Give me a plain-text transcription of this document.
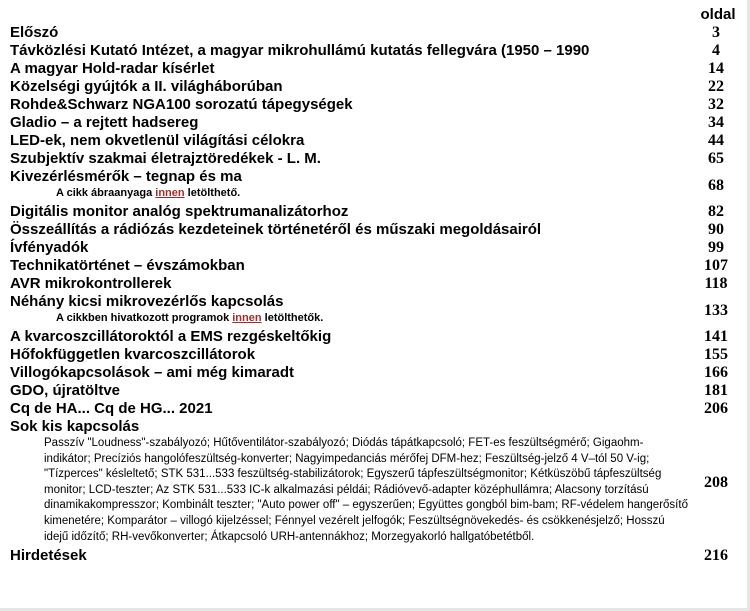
oldal
Előszó	3
Távközlési Kutató Intézet, a magyar mikrohullámú kutatás fellegvára (1950 – 1990	4
A magyar Hold-radar kísérlet	14
Közelségi gyújtók a II. világháborúban	22
Rohde&Schwarz NGA100 sorozatú tápegységek	32
Gladio – a rejtett hadsereg	34
LED-ek, nem okvetlenül világítási célokra	44
Szubjektív szakmai életrajztöredékek - L. M.	65
Kivezérlésmérők – tegnap és ma
A cikk ábraanyaga innen letölthető.	68
Digitális monitor analóg spektrumanalizátorhoz	82
Összeállítás a rádiózás kezdeteinek történetéről és műszaki megoldásairól	90
Ívfényadók	99
Technikatörténet – évszámokban	107
AVR mikrokontrollerek	118
Néhány kicsi mikrovezérlős kapcsolás
A cikkben hivatkozott programok innen letölthetők.	133
A kvarcoszcillátoroktól a EMS rezgéskeltőkig	141
Hőfokfüggetlen kvarcoszcillátorok	155
Villogókapcsolások – ami még kimaradt	166
GDO, újratöltve	181
Cq de HA... Cq de HG... 2021	206
Sok kis kapcsolás
Passzív "Loudness"-szabályozó; Hűtőventilátor-szabályozó; Diódás tápátkapcsoló; FET-es feszültségmérő; Gigaohm-indikátor; Precíziós hangolófeszültség-konverter; Nagyimpedanciás mérőfej DFM-hez; Feszültség-jelző 4 V–tól 50 V-ig; "Tízperces" késleltető; STK 531...533 feszültség-stabilizátorok; Egyszerű tápfeszültségmonitor; Kétküszöbű tápfeszültség monitor; LCD-teszter; Az STK 531...533 IC-k alkalmazási példái; Rádióvevő-adapter középhullámra; Alacsony torzítású dinamikakompresszor; Kombinált teszter; "Auto power off" – egyszerűen; Együttes gongból bim-bam; RF-védelem hangerősítő kimenetére; Komparátor – villogó kijelzéssel; Fénnyel vezérelt jelfogók; Feszültségnövekedés- és csökkenésjelző; Hosszú idejű időzítő; RH-vevőkonverter; Átkapcsoló URH-antennákhoz; Morzegyakorló hallgatóbetétből.	208
Hirdetések	216
